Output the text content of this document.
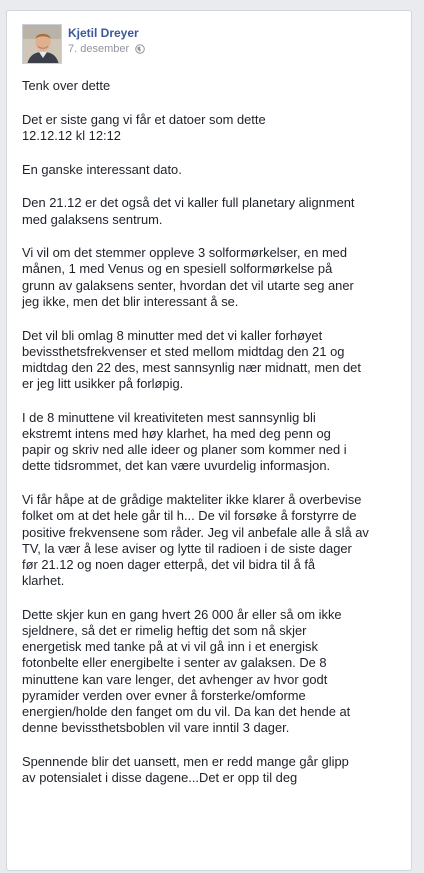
Kjetil Dreyer
7. desember

Tenk over dette

Det er siste gang vi får et datoer som dette
12.12.12 kl 12:12

En ganske interessant dato.

Den 21.12 er det også det vi kaller full planetary alignment
med galaksens sentrum.

Vi vil om det stemmer oppleve 3 solformørkelser, en med
månen, 1 med Venus og en spesiell solformørkelse på
grunn av galaksens senter, hvordan det vil utarte seg aner
jeg ikke, men det blir interessant å se.

Det vil bli omlag 8 minutter med det vi kaller forhøyet
bevissthetsfrekvenser et sted mellom midtdag den 21 og
midtdag den 22 des, mest sannsynlig nær midnatt, men det
er jeg litt usikker på forløpig.

I de 8 minuttene vil kreativiteten mest sannsynlig bli
ekstremt intens med høy klarhet, ha med deg penn og
papir og skriv ned alle ideer og planer som kommer ned i
dette tidsrommet, det kan være uvurdelig informasjon.

Vi får håpe at de grådige makteliter ikke klarer å overbevise
folket om at det hele går til h... De vil forsøke å forstyrre de
positive frekvensene som råder. Jeg vil anbefale alle å slå av
TV, la vær å lese aviser og lytte til radioen i de siste dager
før 21.12 og noen dager etterpå, det vil bidra til å få
klarhet.

Dette skjer kun en gang hvert 26 000 år eller så om ikke
sjeldnere, så det er rimelig heftig det som nå skjer
energetisk med tanke på at vi vil gå inn i et energisk
fotonbelte eller energibelte i senter av galaksen. De 8
minuttene kan vare lenger, det avhenger av hvor godt
pyramider verden over evner å forsterke/omforme
energien/holde den fanget om du vil. Da kan det hende at
denne bevissthetsboblen vil vare inntil 3 dager.

Spennende blir det uansett, men er redd mange går glipp
av potensialet i disse dagene...Det er opp til deg
